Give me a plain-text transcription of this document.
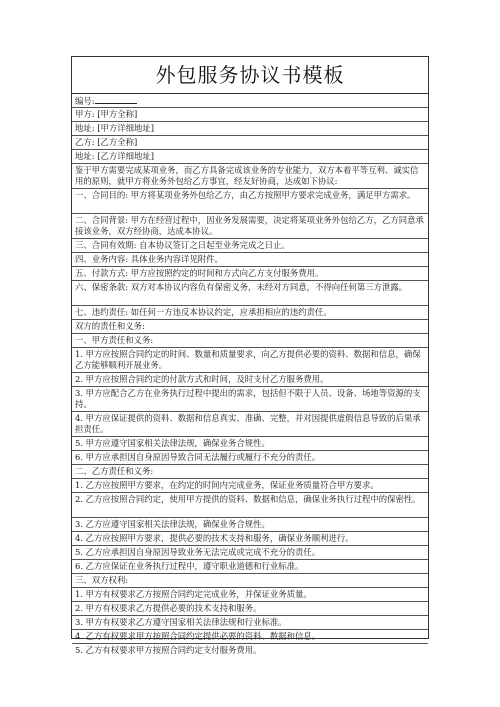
外包服务协议书模板
编号:
甲方: [甲方全称]
地址: [甲方详细地址]
乙方: [乙方全称]
地址: [乙方详细地址]
鉴于甲方需要完成某项业务，而乙方具备完成该业务的专业能力，双方本着平等互利、诚实信用的原则，就甲方将业务外包给乙方事宜，经友好协商，达成如下协议:
一、合同目的: 甲方将某项业务外包给乙方，由乙方按照甲方要求完成业务，满足甲方需求。
二、合同背景: 甲方在经营过程中，因业务发展需要，决定将某项业务外包给乙方，乙方同意承接该业务，双方经协商，达成本协议。
三、合同有效期: 自本协议签订之日起至业务完成之日止。
四、业务内容: 具体业务内容详见附件。
五、付款方式: 甲方应按照约定的时间和方式向乙方支付服务费用。
六、保密条款: 双方对本协议内容负有保密义务，未经对方同意，不得向任何第三方泄露。
七、违约责任: 如任何一方违反本协议约定，应承担相应的违约责任。
双方的责任和义务:
一、甲方责任和义务:
1. 甲方应按照合同约定的时间、数量和质量要求，向乙方提供必要的资料、数据和信息，确保乙方能够顺利开展业务。
2. 甲方应按照合同约定的付款方式和时间，及时支付乙方服务费用。
3. 甲方应配合乙方在业务执行过程中提出的需求，包括但不限于人员、设备、场地等资源的支持。
4. 甲方应保证提供的资料、数据和信息真实、准确、完整，并对因提供虚假信息导致的后果承担责任。
5. 甲方应遵守国家相关法律法规，确保业务合规性。
6. 甲方应承担因自身原因导致合同无法履行或履行不充分的责任。
二、乙方责任和义务:
1. 乙方应按照甲方要求，在约定的时间内完成业务，保证业务质量符合甲方要求。
2. 乙方应按照合同约定，使用甲方提供的资料、数据和信息，确保业务执行过程中的保密性。
3. 乙方应遵守国家相关法律法规，确保业务合规性。
4. 乙方应按照甲方要求，提供必要的技术支持和服务，确保业务顺利进行。
5. 乙方应承担因自身原因导致业务无法完成或完成不充分的责任。
6. 乙方应保证在业务执行过程中，遵守职业道德和行业标准。
三、双方权利:
1. 甲方有权要求乙方按照合同约定完成业务，并保证业务质量。
2. 甲方有权要求乙方提供必要的技术支持和服务。
3. 甲方有权要求乙方遵守国家相关法律法规和行业标准。
4. 乙方有权要求甲方按照合同约定提供必要的资料、数据和信息。
5. 乙方有权要求甲方按照合同约定支付服务费用。
